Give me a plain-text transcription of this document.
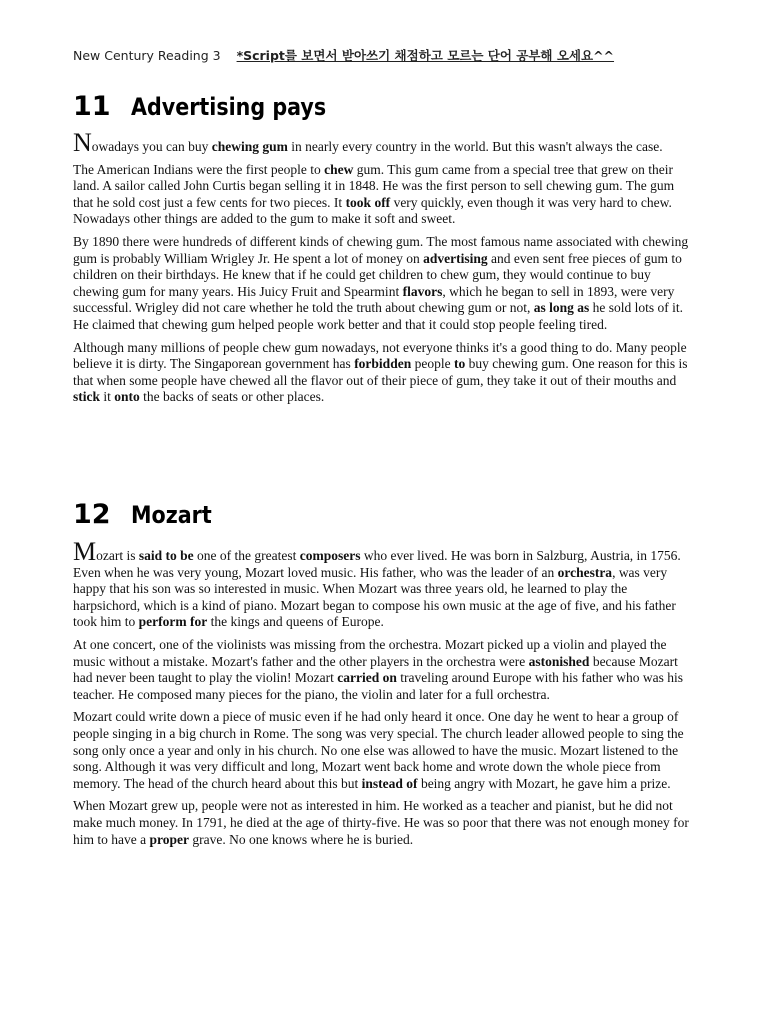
New Century Reading 3 *Script를 보면서 받아쓰기 채점하고 모르는 단어 공부해 오세요^^
11 Advertising pays

Nowadays you can buy chewing gum in nearly every country in the world. But this wasn't always the case.

The American Indians were the first people to chew gum. This gum came from a special tree that grew on their land. A sailor called John Curtis began selling it in 1848. He was the first person to sell chewing gum. The gum that he sold cost just a few cents for two pieces. It took off very quickly, even though it was very hard to chew. Nowadays other things are added to the gum to make it soft and sweet.

By 1890 there were hundreds of different kinds of chewing gum. The most famous name associated with chewing gum is probably William Wrigley Jr. He spent a lot of money on advertising and even sent free pieces of gum to children on their birthdays. He knew that if he could get children to chew gum, they would continue to buy chewing gum for many years. His Juicy Fruit and Spearmint flavors, which he began to sell in 1893, were very successful. Wrigley did not care whether he told the truth about chewing gum or not, as long as he sold lots of it. He claimed that chewing gum helped people work better and that it could stop people feeling tired.

Although many millions of people chew gum nowadays, not everyone thinks it's a good thing to do. Many people believe it is dirty. The Singaporean government has forbidden people to buy chewing gum. One reason for this is that when some people have chewed all the flavor out of their piece of gum, they take it out of their mouths and stick it onto the backs of seats or other places.

12 Mozart

Mozart is said to be one of the greatest composers who ever lived. He was born in Salzburg, Austria, in 1756. Even when he was very young, Mozart loved music. His father, who was the leader of an orchestra, was very happy that his son was so interested in music. When Mozart was three years old, he learned to play the harpsichord, which is a kind of piano. Mozart began to compose his own music at the age of five, and his father took him to perform for the kings and queens of Europe.

At one concert, one of the violinists was missing from the orchestra. Mozart picked up a violin and played the music without a mistake. Mozart's father and the other players in the orchestra were astonished because Mozart had never been taught to play the violin! Mozart carried on traveling around Europe with his father who was his teacher. He composed many pieces for the piano, the violin and later for a full orchestra.

Mozart could write down a piece of music even if he had only heard it once. One day he went to hear a group of people singing in a big church in Rome. The song was very special. The church leader allowed people to sing the song only once a year and only in his church. No one else was allowed to have the music. Mozart listened to the song. Although it was very difficult and long, Mozart went back home and wrote down the whole piece from memory. The head of the church heard about this but instead of being angry with Mozart, he gave him a prize.

When Mozart grew up, people were not as interested in him. He worked as a teacher and pianist, but he did not make much money. In 1791, he died at the age of thirty-five. He was so poor that there was not enough money for him to have a proper grave. No one knows where he is buried.
